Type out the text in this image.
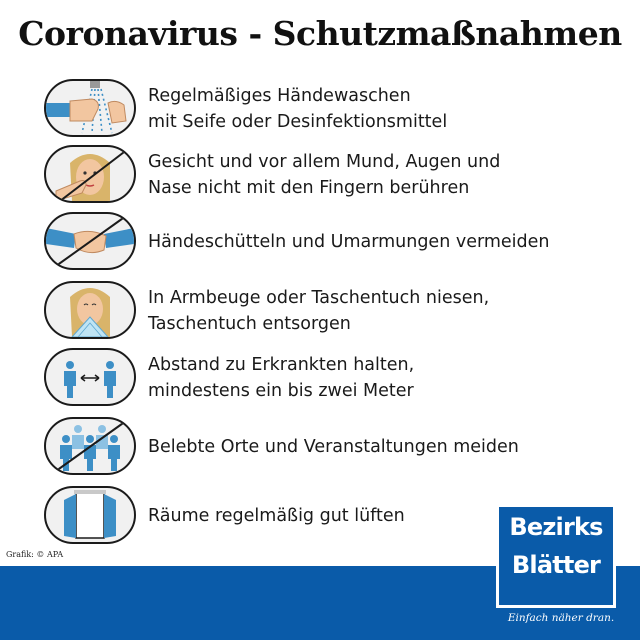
Coronavirus - Schutzmaßnahmen
Regelmäßiges Händewaschen
mit Seife oder Desinfektionsmittel
Gesicht und vor allem Mund, Augen und
Nase nicht mit den Fingern berühren
Händeschütteln und Umarmungen vermeiden
In Armbeuge oder Taschentuch niesen,
Taschentuch entsorgen
Abstand zu Erkrankten halten,
mindestens ein bis zwei Meter
Belebte Orte und Veranstaltungen meiden
Räume regelmäßig gut lüften
Grafik: © APA
Bezirks
Blätter
Einfach näher dran.
